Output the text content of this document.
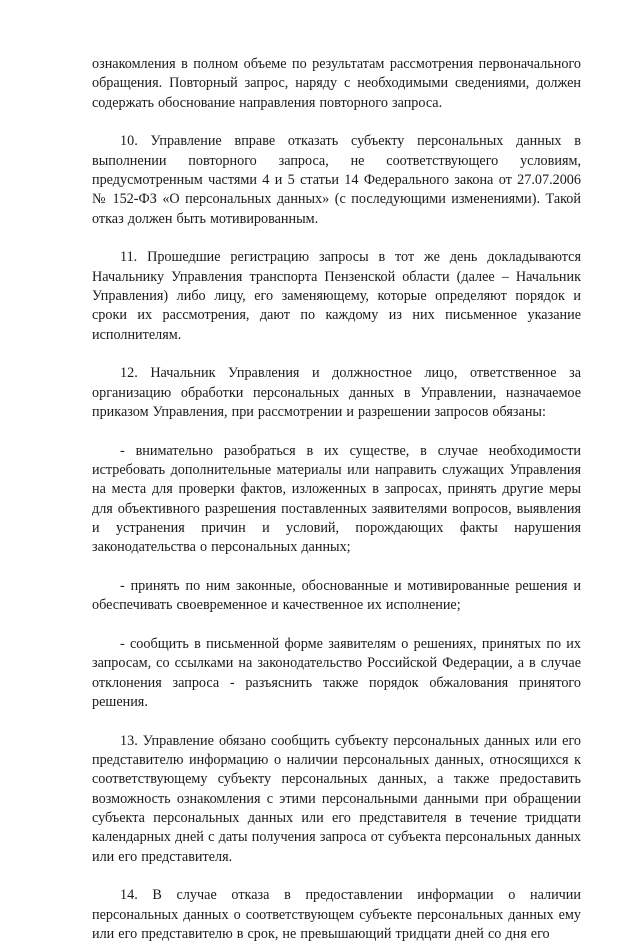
ознакомления в полном объеме по результатам рассмотрения первоначального обращения. Повторный запрос, наряду с необходимыми сведениями, должен содержать обоснование направления повторного запроса.

10. Управление вправе отказать субъекту персональных данных в выполнении повторного запроса, не соответствующего условиям, предусмотренным частями 4 и 5 статьи 14 Федерального закона от 27.07.2006 № 152-ФЗ «О персональных данных» (с последующими изменениями). Такой отказ должен быть мотивированным.

11. Прошедшие регистрацию запросы в тот же день докладываются Начальнику Управления транспорта Пензенской области (далее – Начальник Управления) либо лицу, его заменяющему, которые определяют порядок и сроки их рассмотрения, дают по каждому из них письменное указание исполнителям.

12. Начальник Управления и должностное лицо, ответственное за организацию обработки персональных данных в Управлении, назначаемое приказом Управления, при рассмотрении и разрешении запросов обязаны:

- внимательно разобраться в их существе, в случае необходимости истребовать дополнительные материалы или направить служащих Управления на места для проверки фактов, изложенных в запросах, принять другие меры для объективного разрешения поставленных заявителями вопросов, выявления и устранения причин и условий, порождающих факты нарушения законодательства о персональных данных;

- принять по ним законные, обоснованные и мотивированные решения и обеспечивать своевременное и качественное их исполнение;

- сообщить в письменной форме заявителям о решениях, принятых по их запросам, со ссылками на законодательство Российской Федерации, а в случае отклонения запроса - разъяснить также порядок обжалования принятого решения.

13. Управление обязано сообщить субъекту персональных данных или его представителю информацию о наличии персональных данных, относящихся к соответствующему субъекту персональных данных, а также предоставить возможность ознакомления с этими персональными данными при обращении субъекта персональных данных или его представителя в течение тридцати календарных дней с даты получения запроса от субъекта персональных данных или его представителя.

14. В случае отказа в предоставлении информации о наличии персональных данных о соответствующем субъекте персональных данных ему или его представителю в срок, не превышающий тридцати дней со дня его
